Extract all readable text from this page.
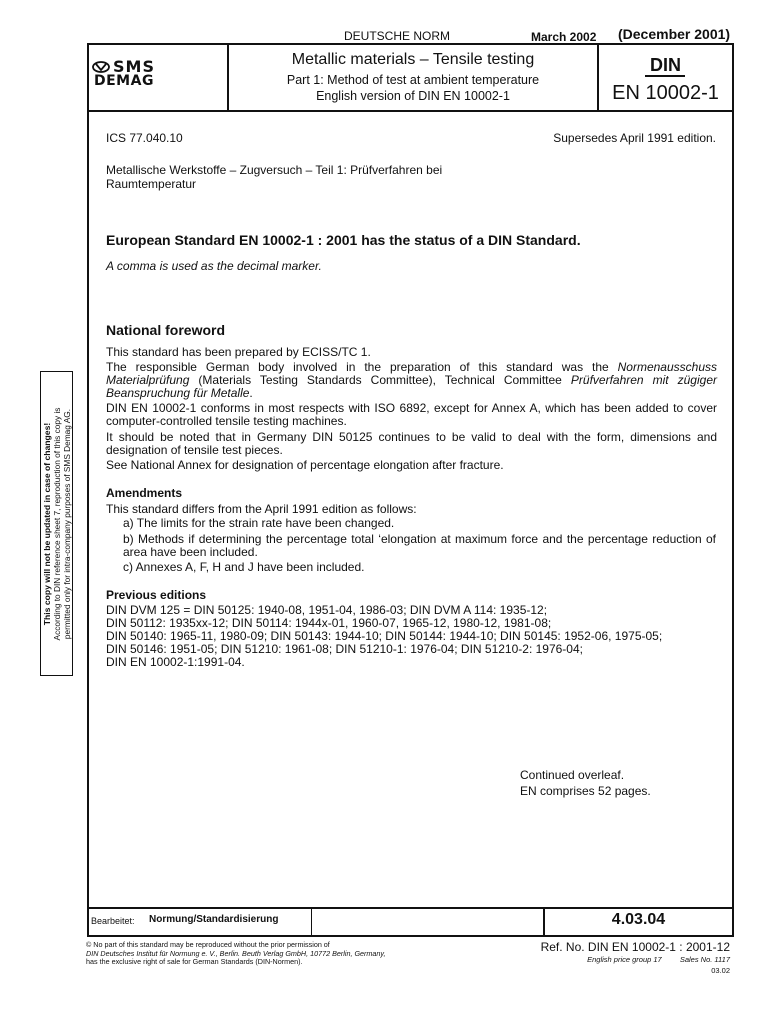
DEUTSCHE NORM	March 2002 (December 2001)
SMS
DEMAG
Metallic materials – Tensile testing
Part 1: Method of test at ambient temperature
English version of DIN EN 10002-1
DIN
EN 10002-1
ICS 77.040.10	Supersedes April 1991 edition.
Metallische Werkstoffe – Zugversuch – Teil 1: Prüfverfahren bei Raumtemperatur
European Standard EN 10002-1 : 2001 has the status of a DIN Standard.
A comma is used as the decimal marker.
National foreword
This standard has been prepared by ECISS/TC 1.
The responsible German body involved in the preparation of this standard was the Normenausschuss Materialprüfung (Materials Testing Standards Committee), Technical Committee Prüfverfahren mit zügiger Beanspruchung für Metalle.
DIN EN 10002-1 conforms in most respects with ISO 6892, except for Annex A, which has been added to cover computer-controlled tensile testing machines.
It should be noted that in Germany DIN 50125 continues to be valid to deal with the form, dimensions and designation of tensile test pieces.
See National Annex for designation of percentage elongation after fracture.
Amendments
This standard differs from the April 1991 edition as follows:
a) The limits for the strain rate have been changed.
b) Methods if determining the percentage total ‘elongation at maximum force and the percentage reduction of area have been included.
c) Annexes A, F, H and J have been included.
Previous editions
DIN DVM 125 = DIN 50125: 1940-08, 1951-04, 1986-03; DIN DVM A 114: 1935-12;
DIN 50112: 1935xx-12; DIN 50114: 1944x-01, 1960-07, 1965-12, 1980-12, 1981-08;
DIN 50140: 1965-11, 1980-09; DIN 50143: 1944-10; DIN 50144: 1944-10; DIN 50145: 1952-06, 1975-05;
DIN 50146: 1951-05; DIN 51210: 1961-08; DIN 51210-1: 1976-04; DIN 51210-2: 1976-04;
DIN EN 10002-1:1991-04.
Continued overleaf.
EN comprises 52 pages.
Bearbeitet: Normung/Standardisierung	4.03.04
© No part of this standard may be reproduced without the prior permission of
DIN Deutsches Institut für Normung e. V., Berlin. Beuth Verlag GmbH, 10772 Berlin, Germany,
has the exclusive right of sale for German Standards (DIN-Normen).
Ref. No. DIN EN 10002-1 : 2001-12
English price group 17 Sales No. 1117
03.02
This copy will not be updated in case of changes! According to DIN reference sheet 7, reproduction of this copy is permitted only for intra-company purposes of SMS Demag AG.
